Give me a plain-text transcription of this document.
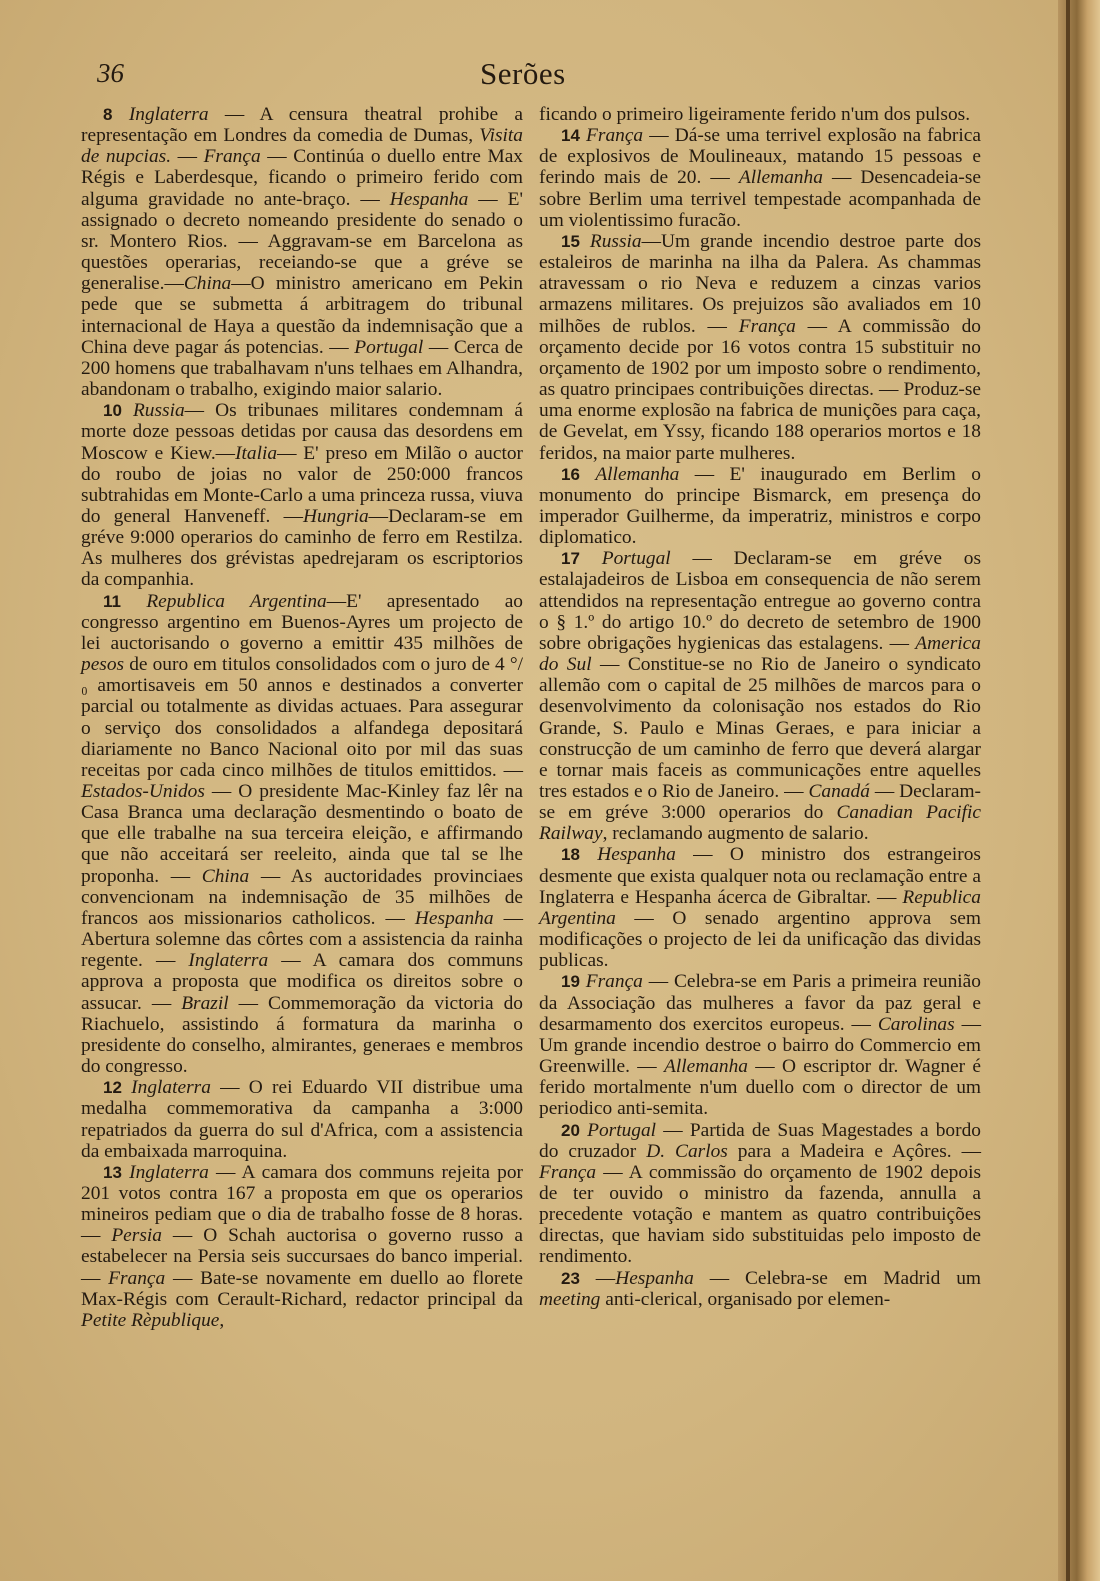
36	Serões

8 Inglaterra — A censura theatral prohibe a representação em Londres da comedia de Dumas, Visita de nupcias. — França — Continúa o duello entre Max Régis e Laberdesque, ficando o primeiro ferido com alguma gravidade no ante-braço. — Hespanha — E' assignado o decreto nomeando presidente do senado o sr. Montero Rios. — Aggravam-se em Barcelona as questões operarias, receiando-se que a gréve se generalise.—China—O ministro americano em Pekin pede que se submetta á arbitragem do tribunal internacional de Haya a questão da indemnisação que a China deve pagar ás potencias. — Portugal — Cerca de 200 homens que trabalhavam n'uns telhaes em Alhandra, abandonam o trabalho, exigindo maior salario.

10 Russia— Os tribunaes militares condemnam á morte doze pessoas detidas por causa das desordens em Moscow e Kiew.—Italia— E' preso em Milão o auctor do roubo de joias no valor de 250:000 francos subtrahidas em Monte-Carlo a uma princeza russa, viuva do general Hanveneff. —Hungria—Declaram-se em gréve 9:000 operarios do caminho de ferro em Restilza. As mulheres dos grévistas apedrejaram os escriptorios da companhia.

11 Republica Argentina—E' apresentado ao congresso argentino em Buenos-Ayres um projecto de lei auctorisando o governo a emittir 435 milhões de pesos de ouro em titulos consolidados com o juro de 4 °/₀ amortisaveis em 50 annos e destinados a converter parcial ou totalmente as dividas actuaes. Para assegurar o serviço dos consolidados a alfandega depositará diariamente no Banco Nacional oito por mil das suas receitas por cada cinco milhões de titulos emittidos. — Estados-Unidos — O presidente Mac-Kinley faz lêr na Casa Branca uma declaração desmentindo o boato de que elle trabalhe na sua terceira eleição, e affirmando que não acceitará ser reeleito, ainda que tal se lhe proponha. — China — As auctoridades provinciaes convencionam na indemnisação de 35 milhões de francos aos missionarios catholicos. — Hespanha — Abertura solemne das côrtes com a assistencia da rainha regente. — Inglaterra — A camara dos communs approva a proposta que modifica os direitos sobre o assucar. — Brazil — Commemoração da victoria do Riachuelo, assistindo á formatura da marinha o presidente do conselho, almirantes, generaes e membros do congresso.

12 Inglaterra — O rei Eduardo VII distribue uma medalha commemorativa da campanha a 3:000 repatriados da guerra do sul d'Africa, com a assistencia da embaixada marroquina.

13 Inglaterra — A camara dos communs rejeita por 201 votos contra 167 a proposta em que os operarios mineiros pediam que o dia de trabalho fosse de 8 horas. — Persia — O Schah auctorisa o governo russo a estabelecer na Persia seis succursaes do banco imperial. — França — Bate-se novamente em duello ao florete Max-Régis com Cerault-Richard, redactor principal da Petite Rèpublique,

ficando o primeiro ligeiramente ferido n'um dos pulsos.

14 França — Dá-se uma terrivel explosão na fabrica de explosivos de Moulineaux, matando 15 pessoas e ferindo mais de 20. — Allemanha — Desencadeia-se sobre Berlim uma terrivel tempestade acompanhada de um violentissimo furacão.

15 Russia—Um grande incendio destroe parte dos estaleiros de marinha na ilha da Palera. As chammas atravessam o rio Neva e reduzem a cinzas varios armazens militares. Os prejuizos são avaliados em 10 milhões de rublos. — França — A commissão do orçamento decide por 16 votos contra 15 substituir no orçamento de 1902 por um imposto sobre o rendimento, as quatro principaes contribuições directas. — Produz-se uma enorme explosão na fabrica de munições para caça, de Gevelat, em Yssy, ficando 188 operarios mortos e 18 feridos, na maior parte mulheres.

16 Allemanha — E' inaugurado em Berlim o monumento do principe Bismarck, em presença do imperador Guilherme, da imperatriz, ministros e corpo diplomatico.

17 Portugal — Declaram-se em gréve os estalajadeiros de Lisboa em consequencia de não serem attendidos na representação entregue ao governo contra o § 1.º do artigo 10.º do decreto de setembro de 1900 sobre obrigações hygienicas das estalagens. — America do Sul — Constitue-se no Rio de Janeiro o syndicato allemão com o capital de 25 milhões de marcos para o desenvolvimento da colonisação nos estados do Rio Grande, S. Paulo e Minas Geraes, e para iniciar a construcção de um caminho de ferro que deverá alargar e tornar mais faceis as communicações entre aquelles tres estados e o Rio de Janeiro. — Canadá — Declaram-se em gréve 3:000 operarios do Canadian Pacific Railway, reclamando augmento de salario.

18 Hespanha — O ministro dos estrangeiros desmente que exista qualquer nota ou reclamação entre a Inglaterra e Hespanha ácerca de Gibraltar. — Republica Argentina — O senado argentino approva sem modificações o projecto de lei da unificação das dividas publicas.

19 França — Celebra-se em Paris a primeira reunião da Associação das mulheres a favor da paz geral e desarmamento dos exercitos europeus. — Carolinas — Um grande incendio destroe o bairro do Commercio em Greenwille. — Allemanha — O escriptor dr. Wagner é ferido mortalmente n'um duello com o director de um periodico anti-semita.

20 Portugal — Partida de Suas Magestades a bordo do cruzador D. Carlos para a Madeira e Açôres. — França — A commissão do orçamento de 1902 depois de ter ouvido o ministro da fazenda, annulla a precedente votação e mantem as quatro contribuições directas, que haviam sido substituidas pelo imposto de rendimento.

23 —Hespanha — Celebra-se em Madrid um meeting anti-clerical, organisado por elemen-
